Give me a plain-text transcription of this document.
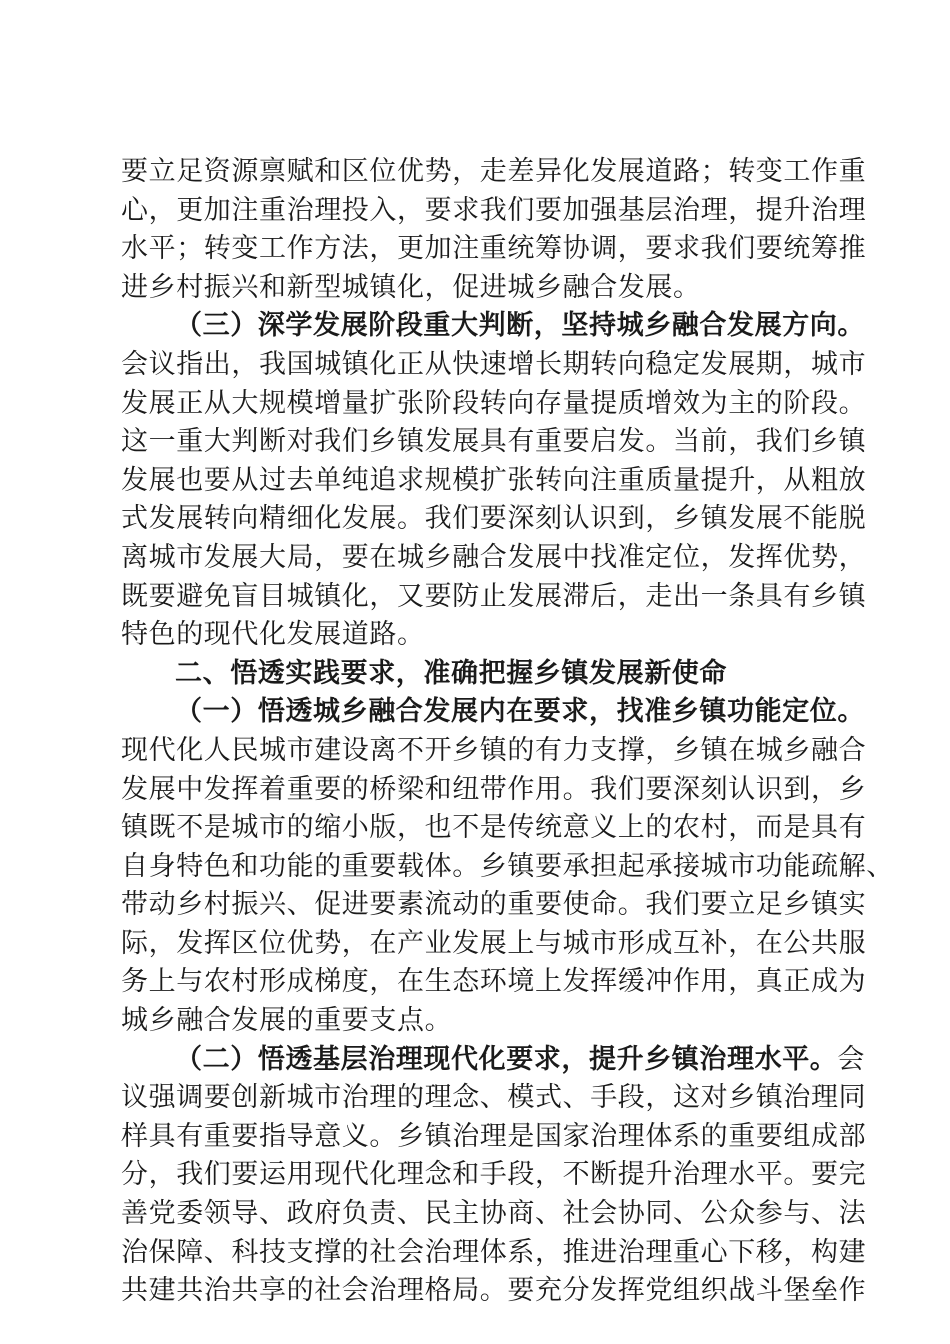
要立足资源禀赋和区位优势，走差异化发展道路；转变工作重
心，更加注重治理投入，要求我们要加强基层治理，提升治理
水平；转变工作方法，更加注重统筹协调，要求我们要统筹推
进乡村振兴和新型城镇化，促进城乡融合发展。
（三）深学发展阶段重大判断，坚持城乡融合发展方向。
会议指出，我国城镇化正从快速增长期转向稳定发展期，城市
发展正从大规模增量扩张阶段转向存量提质增效为主的阶段。
这一重大判断对我们乡镇发展具有重要启发。当前，我们乡镇
发展也要从过去单纯追求规模扩张转向注重质量提升，从粗放
式发展转向精细化发展。我们要深刻认识到，乡镇发展不能脱
离城市发展大局，要在城乡融合发展中找准定位，发挥优势，
既要避免盲目城镇化，又要防止发展滞后，走出一条具有乡镇
特色的现代化发展道路。
二、悟透实践要求，准确把握乡镇发展新使命
（一）悟透城乡融合发展内在要求，找准乡镇功能定位。
现代化人民城市建设离不开乡镇的有力支撑，乡镇在城乡融合
发展中发挥着重要的桥梁和纽带作用。我们要深刻认识到，乡
镇既不是城市的缩小版，也不是传统意义上的农村，而是具有
自身特色和功能的重要载体。乡镇要承担起承接城市功能疏解、
带动乡村振兴、促进要素流动的重要使命。我们要立足乡镇实
际，发挥区位优势，在产业发展上与城市形成互补，在公共服
务上与农村形成梯度，在生态环境上发挥缓冲作用，真正成为
城乡融合发展的重要支点。
（二）悟透基层治理现代化要求，提升乡镇治理水平。会
议强调要创新城市治理的理念、模式、手段，这对乡镇治理同
样具有重要指导意义。乡镇治理是国家治理体系的重要组成部
分，我们要运用现代化理念和手段，不断提升治理水平。要完
善党委领导、政府负责、民主协商、社会协同、公众参与、法
治保障、科技支撑的社会治理体系，推进治理重心下移，构建
共建共治共享的社会治理格局。要充分发挥党组织战斗堡垒作
